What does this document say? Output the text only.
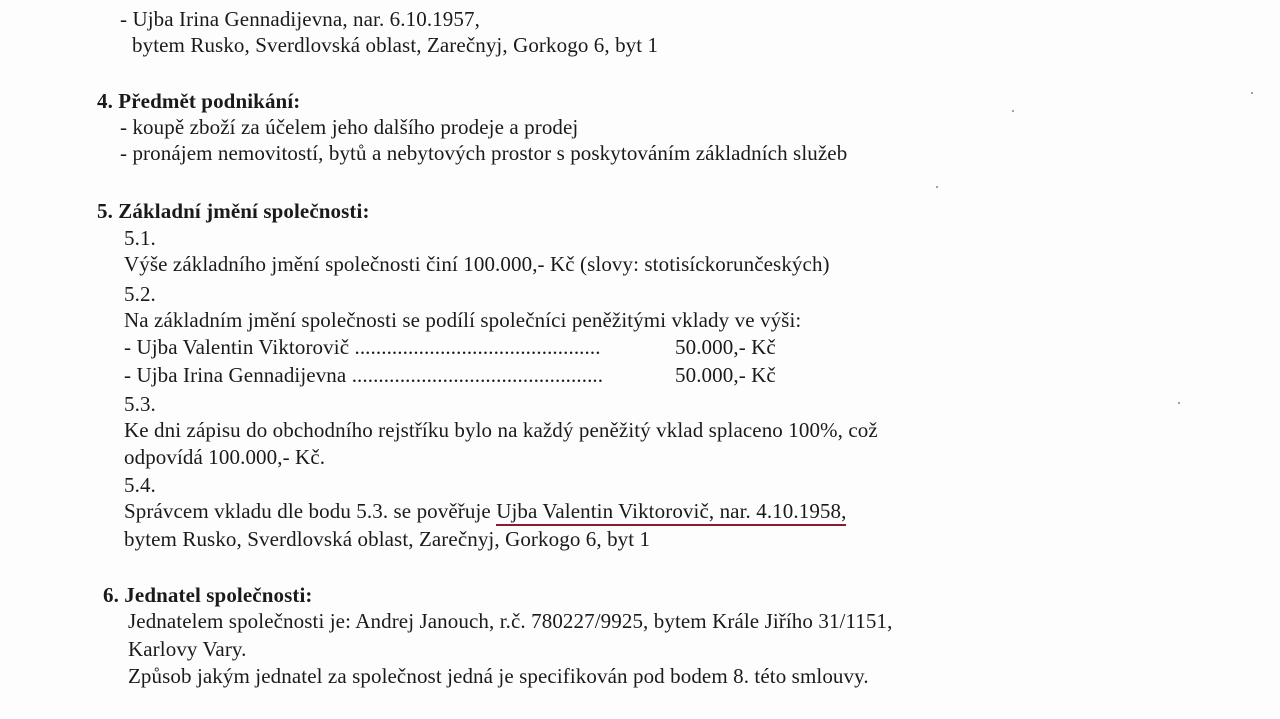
- Ujba Irina Gennadijevna, nar. 6.10.1957,
bytem Rusko, Sverdlovská oblast, Zarečnyj, Gorkogo 6, byt 1
4. Předmět podnikání:
- koupě zboží za účelem jeho dalšího prodeje a prodej
- pronájem nemovitostí, bytů a nebytových prostor s poskytováním základních služeb
5. Základní jmění společnosti:
5.1.
Výše základního jmění společnosti činí 100.000,- Kč (slovy: stotisíckorunčeských)
5.2.
Na základním jmění společnosti se podílí společníci peněžitými vklady ve výši:
- Ujba Valentin Viktorovič ..............................................	50.000,- Kč
- Ujba Irina Gennadijevna ...............................................	50.000,- Kč
5.3.
Ke dni zápisu do obchodního rejstříku bylo na každý peněžitý vklad splaceno 100%, což
odpovídá 100.000,- Kč.
5.4.
Správcem vkladu dle bodu 5.3. se pověřuje Ujba Valentin Viktorovič, nar. 4.10.1958,
bytem Rusko, Sverdlovská oblast, Zarečnyj, Gorkogo 6, byt 1
6. Jednatel společnosti:
Jednatelem společnosti je: Andrej Janouch, r.č. 780227/9925, bytem Krále Jiřího 31/1151,
Karlovy Vary.
Způsob jakým jednatel za společnost jedná je specifikován pod bodem 8. této smlouvy.
